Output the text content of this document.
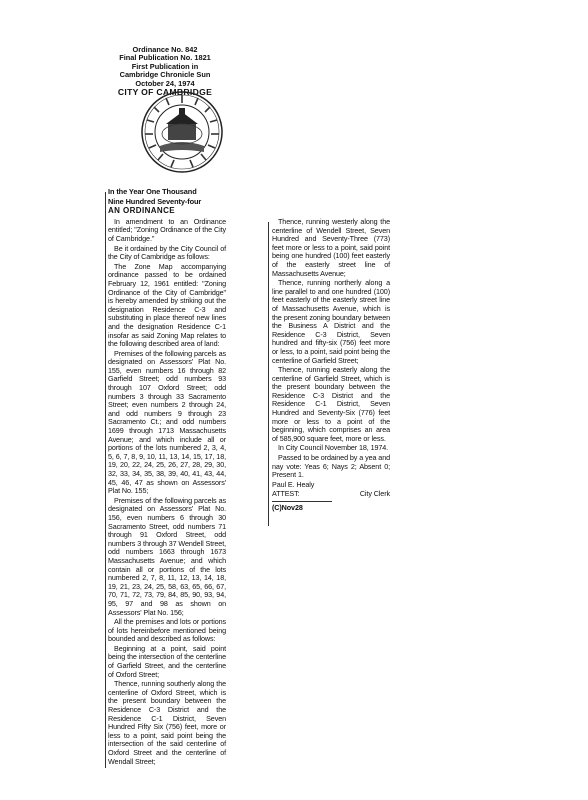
Ordinance No. 842
Final Publication No. 1821
First Publication in
Cambridge Chronicle Sun
October 24, 1974
CITY OF CAMBRIDGE

In the Year One Thousand

Nine Hundred Seventy-four

AN ORDINANCE

In amendment to an Ordinance entitled; "Zoning Ordinance of the City of Cambridge."

Be it ordained by the City Council of the City of Cambridge as follows:

The Zone Map accompanying ordinance passed to be ordained February 12, 1961 entitled: "Zoning Ordinance of the City of Cambridge" is hereby amended by striking out the designation Residence C-3 and substituting in place thereof new lines and the designation Residence C-1 insofar as said Zoning Map relates to the following described area of land:

Premises of the following parcels as designated on Assessors' Plat No. 155, even numbers 16 through 82 Garfield Street; odd numbers 93 through 107 Oxford Street; odd numbers 3 through 33 Sacramento Street; even numbers 2 through 24, and odd numbers 9 through 23 Sacramento Ct.; and odd numbers 1699 through 1713 Massachusetts Avenue; and which include all or portions of the lots numbered 2, 3, 4, 5, 6, 7, 8, 9, 10, 11, 13, 14, 15, 17, 18, 19, 20, 22, 24, 25, 26, 27, 28, 29, 30, 32, 33, 34, 35, 38, 39, 40, 41, 43, 44, 45, 46, 47 as shown on Assessors' Plat No. 155;

Premises of the following parcels as designated on Assessors' Plat No. 156, even numbers 6 through 30 Sacramento Street, odd numbers 71 through 91 Oxford Street, odd numbers 3 through 37 Wendell Street, odd numbers 1663 through 1673 Massachusetts Avenue; and which contain all or portions of the lots numbered 2, 7, 8, 11, 12, 13, 14, 18, 19, 21, 23, 24, 25, 58, 63, 65, 66, 67, 70, 71, 72, 73, 79, 84, 85, 90, 93, 94, 95, 97 and 98 as shown on Assessors' Plat No. 156;

All the premises and lots or portions of lots hereinbefore mentioned being bounded and described as follows:

Beginning at a point, said point being the intersection of the centerline of Garfield Street, and the centerline of Oxford Street;

Thence, running southerly along the centerline of Oxford Street, which is the present boundary between the Residence C-3 District and the Residence C-1 District, Seven Hundred Fifty Six (756) feet, more or less to a point, said point being the intersection of the said centerline of Oxford Street and the centerline of Wendall Street;

Thence, running westerly along the centerline of Wendell Street, Seven Hundred and Seventy-Three (773) feet more or less to a point, said point being one hundred (100) feet easterly of the easterly street line of Massachusetts Avenue;

Thence, running northerly along a line parallel to and one hundred (100) feet easterly of the easterly street line of Massachusetts Avenue, which is the present zoning boundary between the Business A District and the Residence C-3 District, Seven hundred and fifty-six (756) feet more or less, to a point, said point being the centerline of Garfield Street;

Thence, running easterly along the centerline of Garfield Street, which is the present boundary between the Residence C-3 District and the Residence C-1 District, Seven Hundred and Seventy-Six (776) feet more or less to a point of the beginning, which comprises an area of 585,900 square feet, more or less.

In City Council November 18, 1974.

Passed to be ordained by a yea and nay vote: Yeas 6; Nays 2; Absent 0; Present 1.

Paul E. Healy

ATTEST:	City Clerk

(C)Nov28
